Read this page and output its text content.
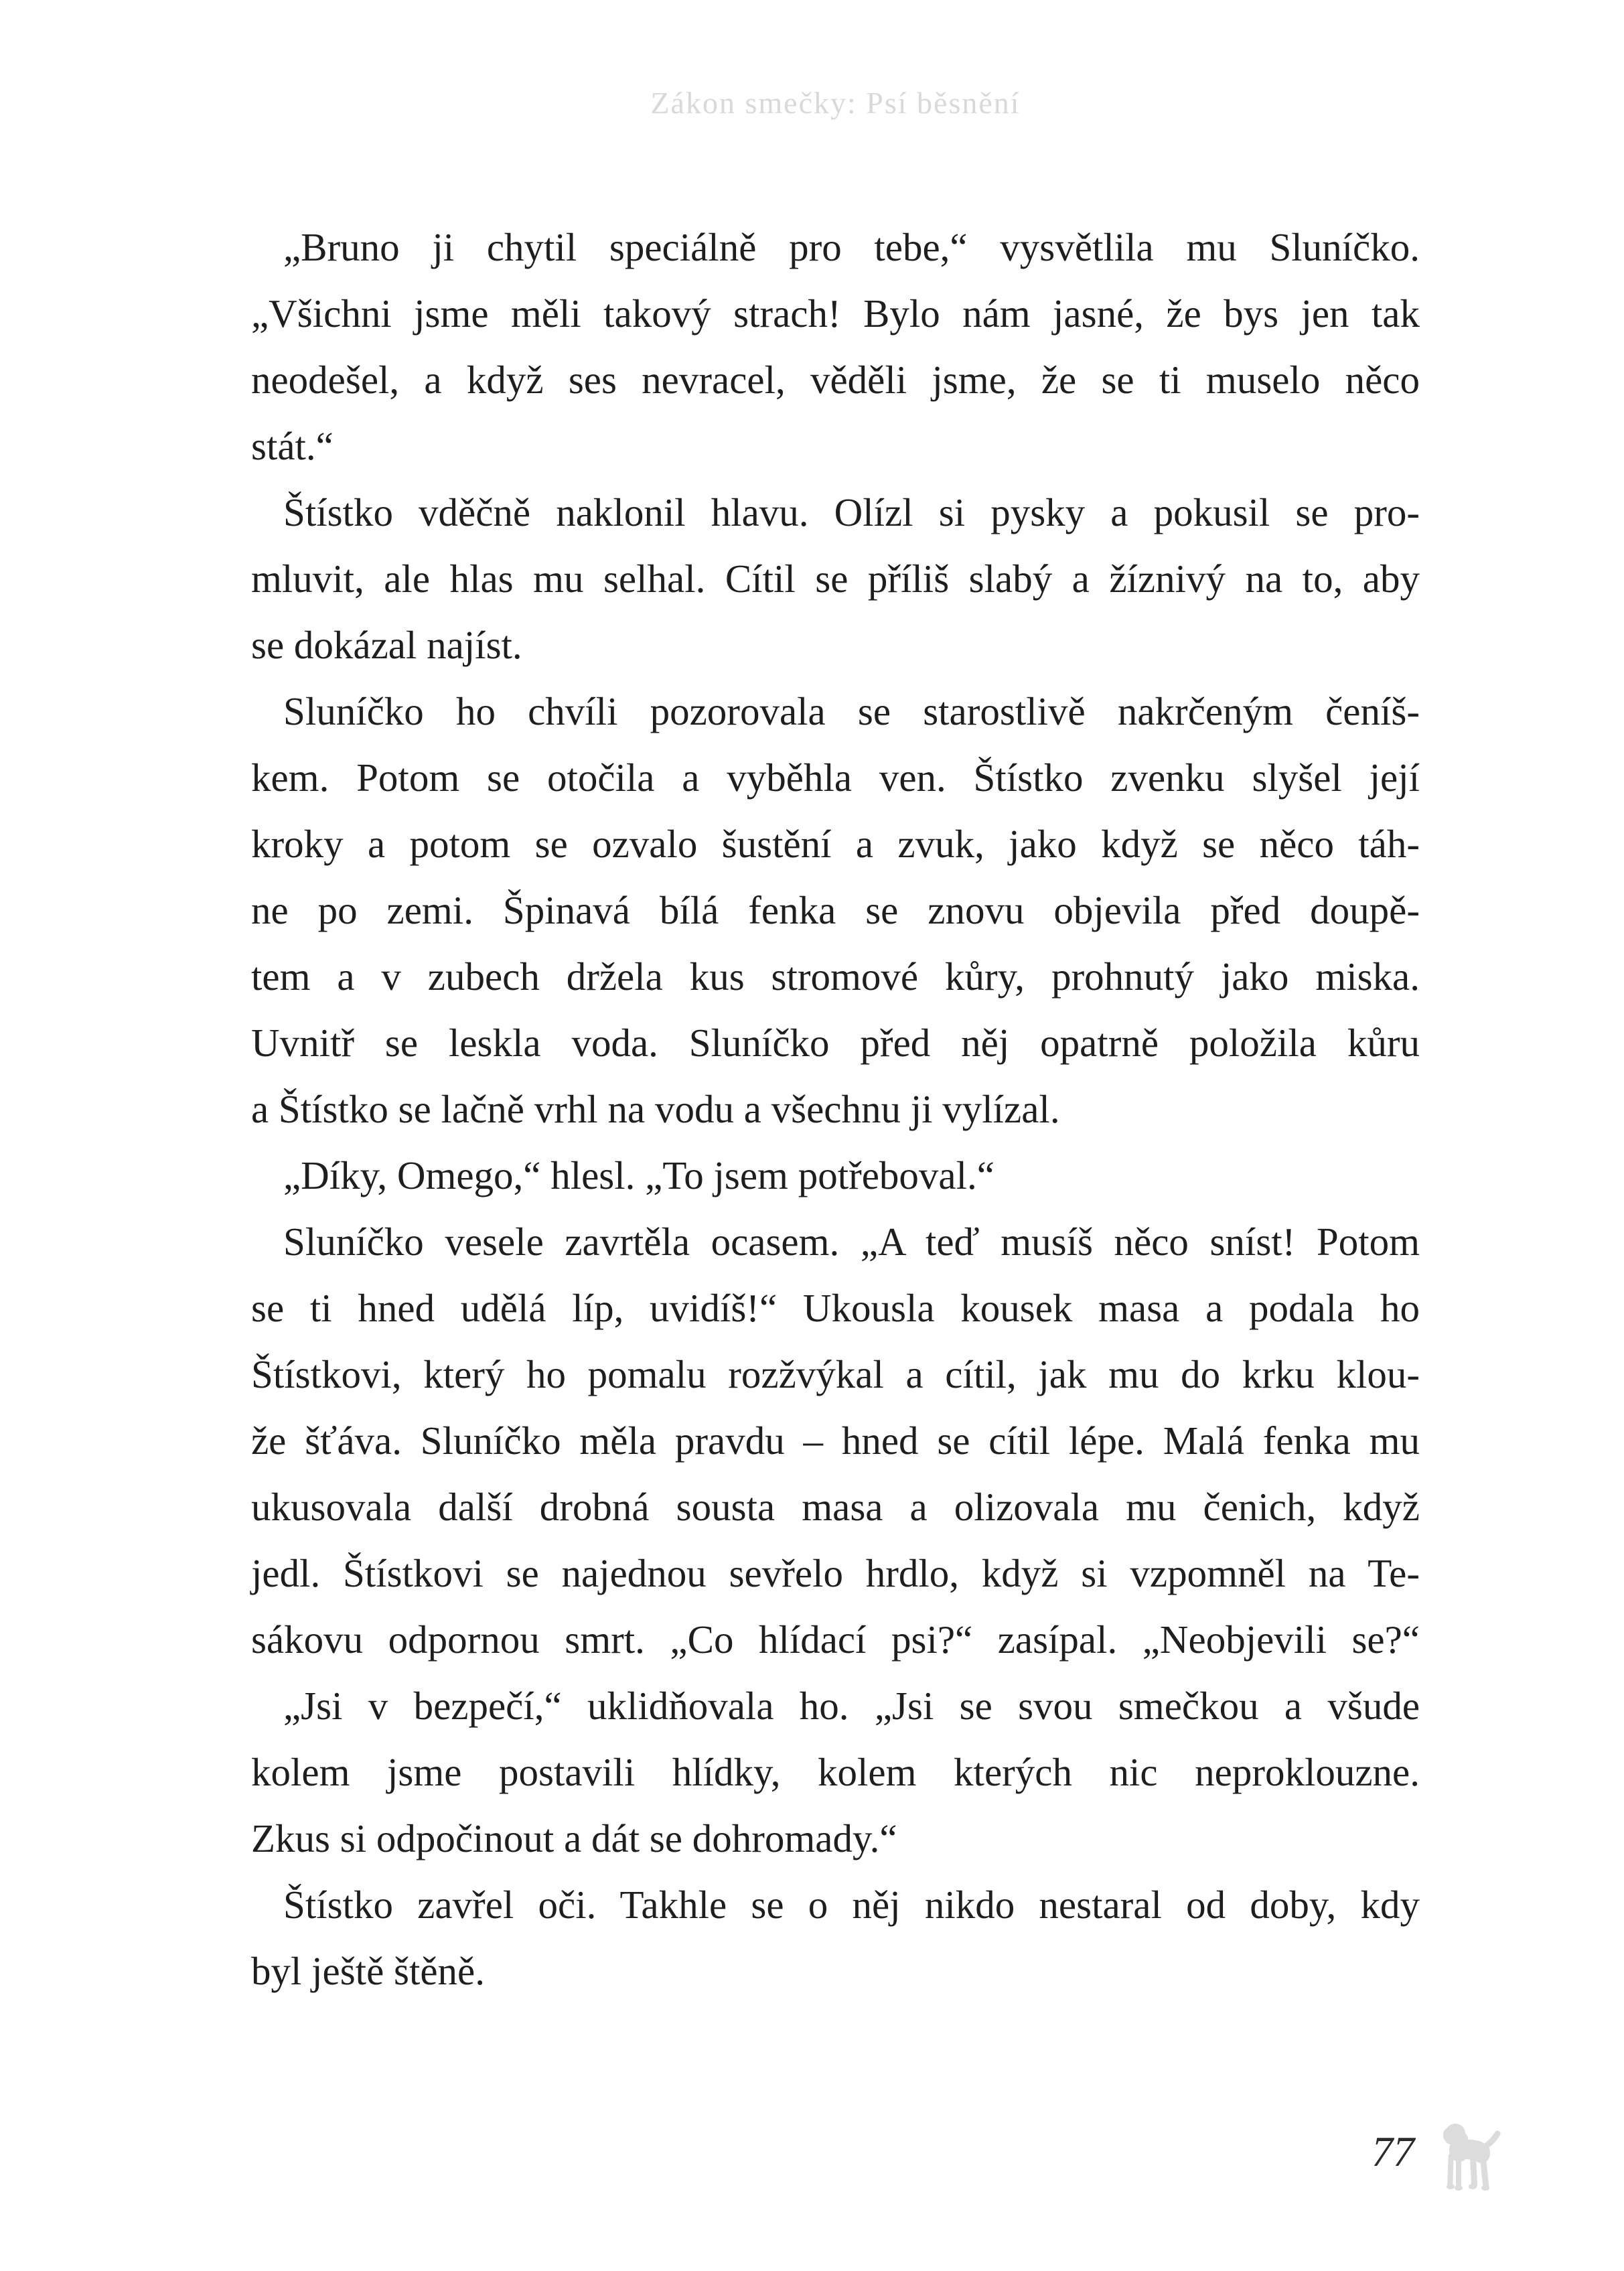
Zákon smečky: Psí běsnění
„Bruno ji chytil speciálně pro tebe,“ vysvětlila mu Sluníčko.
„Všichni jsme měli takový strach! Bylo nám jasné, že bys jen tak
neodešel, a když ses nevracel, věděli jsme, že se ti muselo něco
stát.“
Štístko vděčně naklonil hlavu. Olízl si pysky a pokusil se pro-
mluvit, ale hlas mu selhal. Cítil se příliš slabý a žíznivý na to, aby
se dokázal najíst.
Sluníčko ho chvíli pozorovala se starostlivě nakrčeným čeníš-
kem. Potom se otočila a vyběhla ven. Štístko zvenku slyšel její
kroky a potom se ozvalo šustění a zvuk, jako když se něco táh-
ne po zemi. Špinavá bílá fenka se znovu objevila před doupě-
tem a v zubech držela kus stromové kůry, prohnutý jako miska.
Uvnitř se leskla voda. Sluníčko před něj opatrně položila kůru
a Štístko se lačně vrhl na vodu a všechnu ji vylízal.
„Díky, Omego,“ hlesl. „To jsem potřeboval.“
Sluníčko vesele zavrtěla ocasem. „A teď musíš něco sníst! Potom
se ti hned udělá líp, uvidíš!“ Ukousla kousek masa a podala ho
Štístkovi, který ho pomalu rozžvýkal a cítil, jak mu do krku klou-
že šťáva. Sluníčko měla pravdu – hned se cítil lépe. Malá fenka mu
ukusovala další drobná sousta masa a olizovala mu čenich, když
jedl. Štístkovi se najednou sevřelo hrdlo, když si vzpomněl na Te-
sákovu odpornou smrt. „Co hlídací psi?“ zasípal. „Neobjevili se?“
„Jsi v bezpečí,“ uklidňovala ho. „Jsi se svou smečkou a všude
kolem jsme postavili hlídky, kolem kterých nic neproklouzne.
Zkus si odpočinout a dát se dohromady.“
Štístko zavřel oči. Takhle se o něj nikdo nestaral od doby, kdy
byl ještě štěně.
77
